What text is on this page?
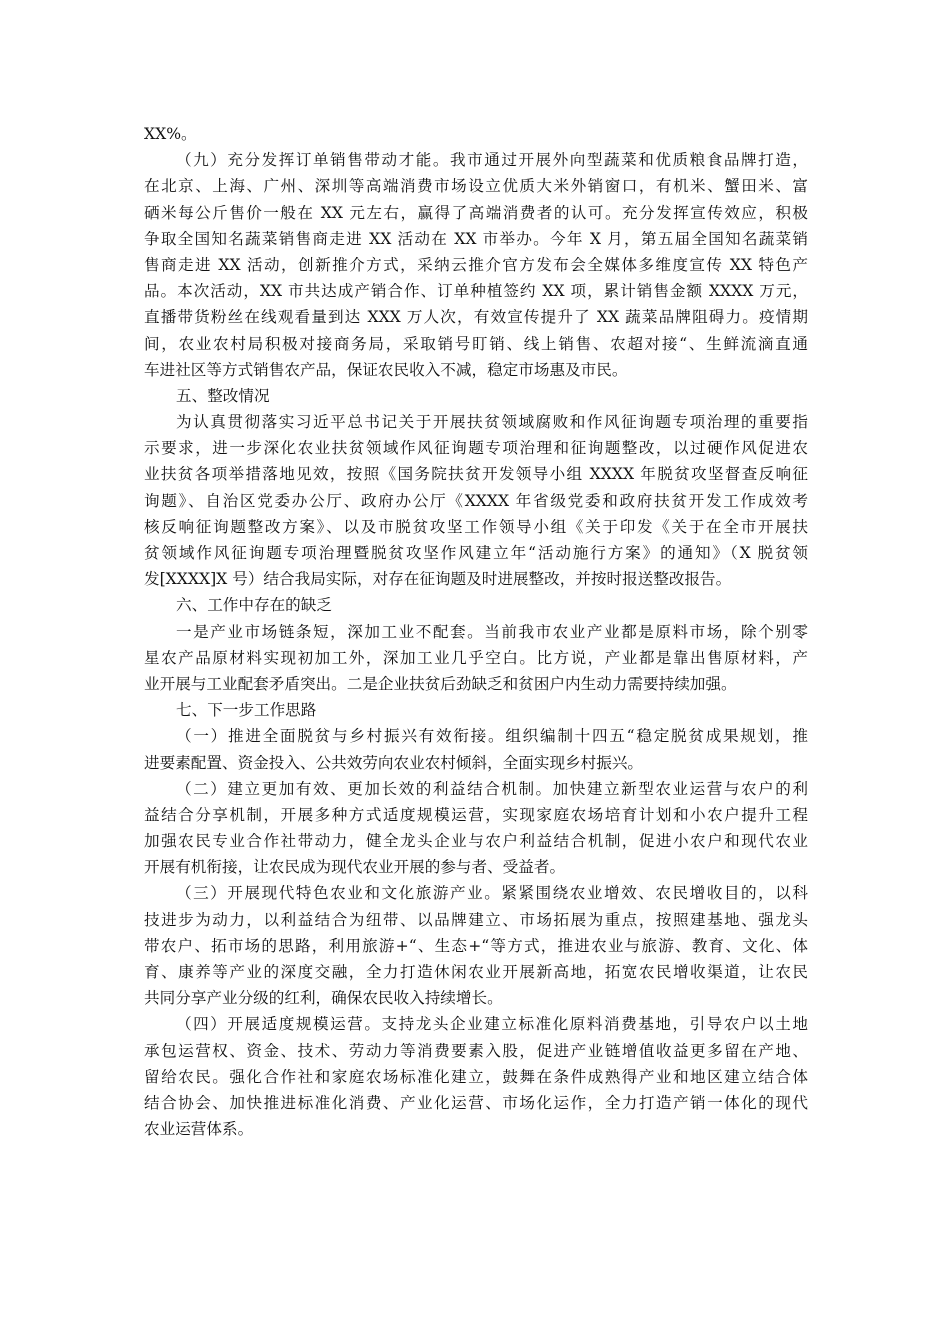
XX%。
（九）充分发挥订单销售带动才能。我市通过开展外向型蔬菜和优质粮食品牌打造，
在北京、上海、广州、深圳等高端消费市场设立优质大米外销窗口，有机米、蟹田米、富
硒米每公斤售价一般在 XX 元左右，赢得了高端消费者的认可。充分发挥宣传效应，积极
争取全国知名蔬菜销售商走进 XX 活动在 XX 市举办。今年 X 月，第五届全国知名蔬菜销
售商走进 XX 活动，创新推介方式，采纳云推介官方发布会全媒体多维度宣传 XX 特色产
品。本次活动，XX 市共达成产销合作、订单种植签约 XX 项，累计销售金额 XXXX 万元，
直播带货粉丝在线观看量到达 XXX 万人次，有效宣传提升了 XX 蔬菜品牌阻碍力。疫情期
间，农业农村局积极对接商务局，采取销号盯销、线上销售、农超对接“、生鲜流滴直通
车进社区等方式销售农产品，保证农民收入不减，稳定市场惠及市民。
五、整改情况
为认真贯彻落实习近平总书记关于开展扶贫领域腐败和作风征询题专项治理的重要指
示要求，进一步深化农业扶贫领域作风征询题专项治理和征询题整改，以过硬作风促进农
业扶贫各项举措落地见效，按照《国务院扶贫开发领导小组 XXXX 年脱贫攻坚督查反响征
询题》、自治区党委办公厅、政府办公厅《XXXX 年省级党委和政府扶贫开发工作成效考
核反响征询题整改方案》、以及市脱贫攻坚工作领导小组《关于印发《关于在全市开展扶
贫领域作风征询题专项治理暨脱贫攻坚作风建立年“活动施行方案》的通知》（X 脱贫领
发[XXXX]X 号）结合我局实际，对存在征询题及时进展整改，并按时报送整改报告。
六、工作中存在的缺乏
一是产业市场链条短，深加工业不配套。当前我市农业产业都是原料市场，除个别零
星农产品原材料实现初加工外，深加工业几乎空白。比方说，产业都是靠出售原材料，产
业开展与工业配套矛盾突出。二是企业扶贫后劲缺乏和贫困户内生动力需要持续加强。
七、下一步工作思路
（一）推进全面脱贫与乡村振兴有效衔接。组织编制十四五“稳定脱贫成果规划，推
进要素配置、资金投入、公共效劳向农业农村倾斜，全面实现乡村振兴。
（二）建立更加有效、更加长效的利益结合机制。加快建立新型农业运营与农户的利
益结合分享机制，开展多种方式适度规模运营，实现家庭农场培育计划和小农户提升工程
加强农民专业合作社带动力，健全龙头企业与农户利益结合机制，促进小农户和现代农业
开展有机衔接，让农民成为现代农业开展的参与者、受益者。
（三）开展现代特色农业和文化旅游产业。紧紧围绕农业增效、农民增收目的，以科
技进步为动力，以利益结合为纽带、以品牌建立、市场拓展为重点，按照建基地、强龙头
带农户、拓市场的思路，利用旅游+“、生态+“等方式，推进农业与旅游、教育、文化、体
育、康养等产业的深度交融，全力打造休闲农业开展新高地，拓宽农民增收渠道，让农民
共同分享产业分级的红利，确保农民收入持续增长。
（四）开展适度规模运营。支持龙头企业建立标准化原料消费基地，引导农户以土地
承包运营权、资金、技术、劳动力等消费要素入股，促进产业链增值收益更多留在产地、
留给农民。强化合作社和家庭农场标准化建立，鼓舞在条件成熟得产业和地区建立结合体
结合协会、加快推进标准化消费、产业化运营、市场化运作，全力打造产销一体化的现代
农业运营体系。
